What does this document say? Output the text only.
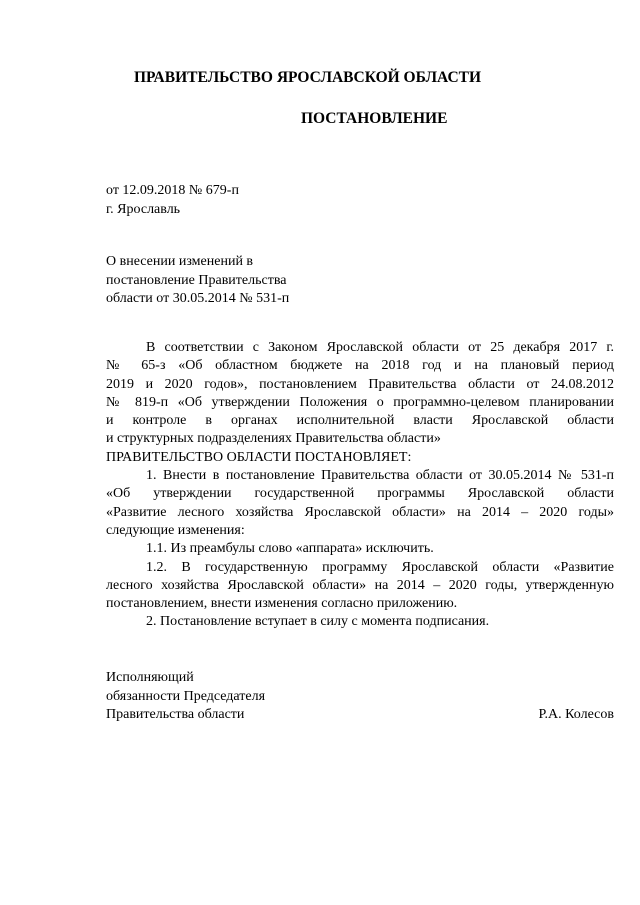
ПРАВИТЕЛЬСТВО ЯРОСЛАВСКОЙ ОБЛАСТИ
ПОСТАНОВЛЕНИЕ
от 12.09.2018 № 679-п
г. Ярославль
О внесении изменений в
постановление Правительства
области от 30.05.2014 № 531-п
В соответствии с Законом Ярославской области от 25 декабря 2017 г.
№ 65-з «Об областном бюджете на 2018 год и на плановый период
2019 и 2020 годов», постановлением Правительства области от 24.08.2012
№ 819-п «Об утверждении Положения о программно-целевом планировании
и контроле в органах исполнительной власти Ярославской области
и структурных подразделениях Правительства области»
ПРАВИТЕЛЬСТВО ОБЛАСТИ ПОСТАНОВЛЯЕТ:
1. Внести в постановление Правительства области от 30.05.2014 № 531-п
«Об утверждении государственной программы Ярославской области
«Развитие лесного хозяйства Ярославской области» на 2014 – 2020 годы»
следующие изменения:
1.1. Из преамбулы слово «аппарата» исключить.
1.2. В государственную программу Ярославской области «Развитие
лесного хозяйства Ярославской области» на 2014 – 2020 годы, утвержденную
постановлением, внести изменения согласно приложению.
2. Постановление вступает в силу с момента подписания.
Исполняющий
обязанности Председателя
Правительства области	Р.А. Колесов
